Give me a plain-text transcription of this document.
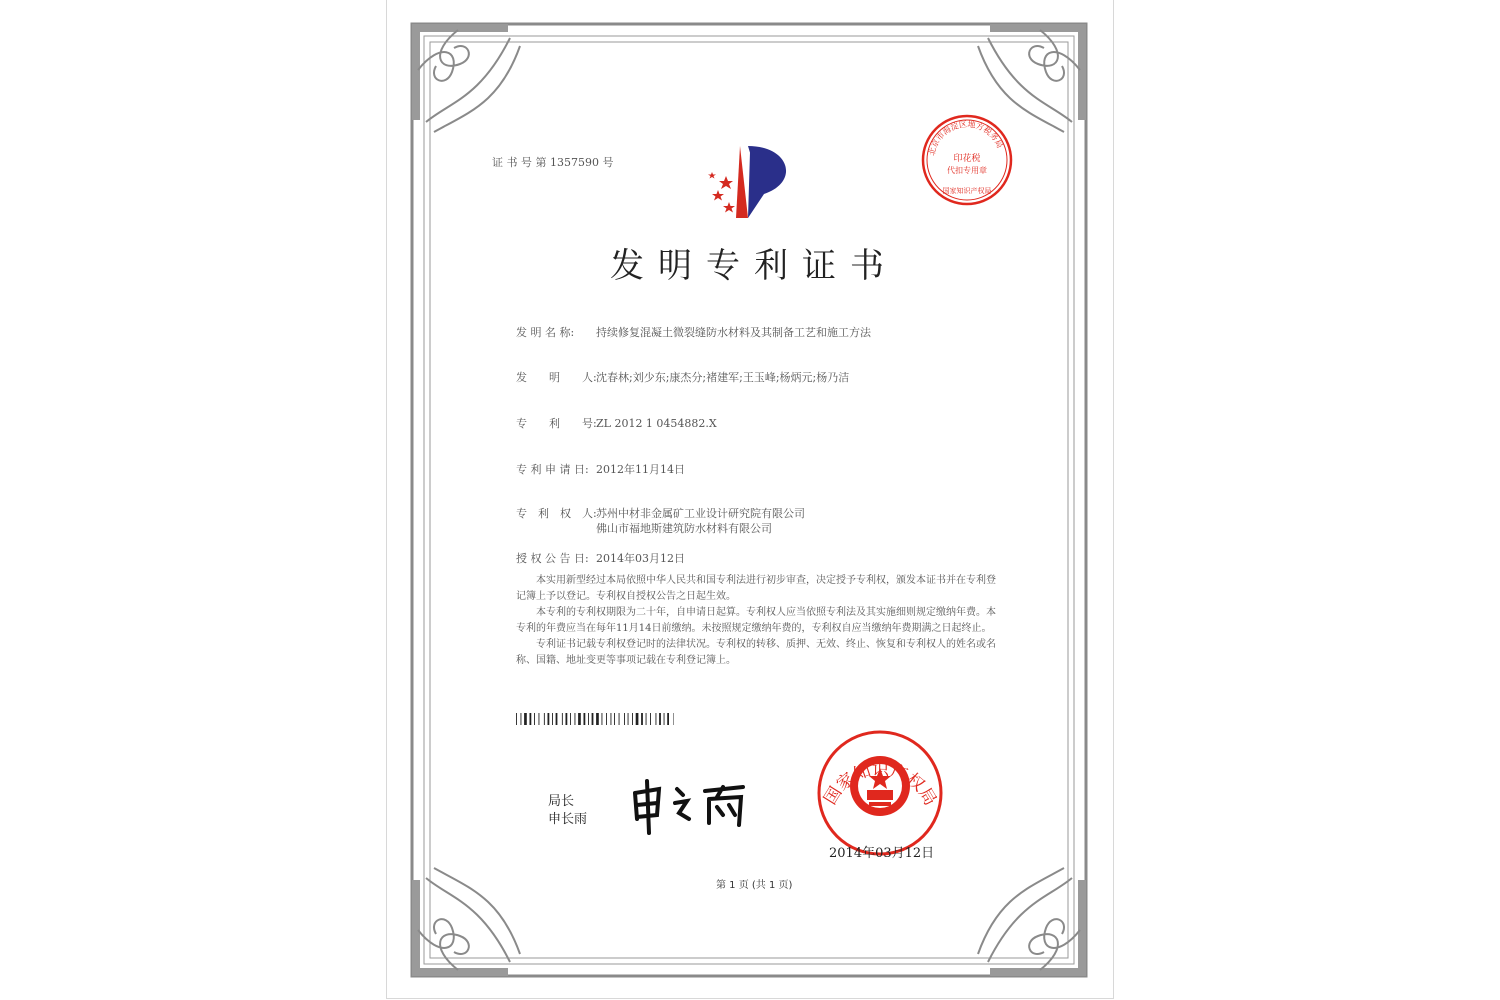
证 书 号 第 1357590 号
北京市海淀区地方税务局
印花税
代扣专用章
国家知识产权局
发明专利证书
发 明 名 称: 持续修复混凝土微裂缝防水材料及其制备工艺和施工方法
发　　明　　人:沈春林;刘少东;康杰分;褚建军;王玉峰;杨炳元;杨乃洁
专　　利　　号:ZL 2012 1 0454882.X
专 利 申 请 日: 2012年11月14日
专　利　权　人:苏州中材非金属矿工业设计研究院有限公司
佛山市福地斯建筑防水材料有限公司
授 权 公 告 日: 2014年03月12日

本实用新型经过本局依照中华人民共和国专利法进行初步审查，决定授予专利权，颁发本证书并在专利登记簿上予以登记。专利权自授权公告之日起生效。

本专利的专利权期限为二十年，自申请日起算。专利权人应当依照专利法及其实施细则规定缴纳年费。本专利的年费应当在每年11月14日前缴纳。未按照规定缴纳年费的，专利权自应当缴纳年费期满之日起终止。

专利证书记载专利权登记时的法律状况。专利权的转移、质押、无效、终止、恢复和专利权人的姓名或名称、国籍、地址变更等事项记载在专利登记簿上。

局长
申长雨
国家知识产权局
2014年03月12日
第 1 页 (共 1 页)
